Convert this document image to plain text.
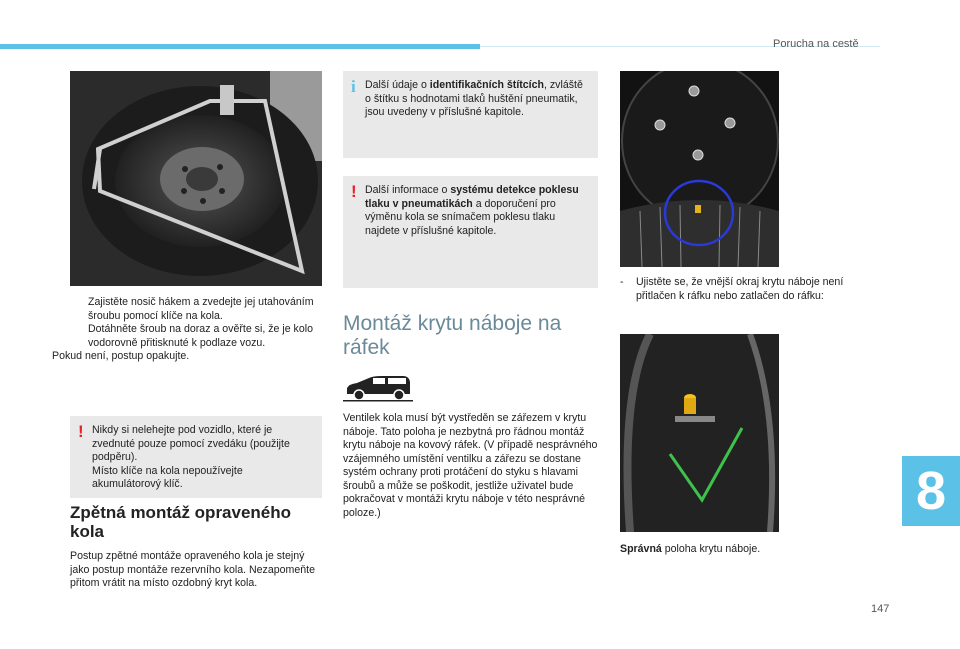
Porucha na cestě
Zajistěte nosič hákem a zvedejte jej utahováním šroubu pomocí klíče na kola.
Dotáhněte šroub na doraz a ověřte si, že je kolo vodorovně přitisknuté k podlaze vozu.
Pokud není, postup opakujte.
! Nikdy si nelehejte pod vozidlo, které je zvednuté pouze pomocí zvedáku (použijte podpěru).
Místo klíče na kola nepoužívejte akumulátorový klíč.
Zpětná montáž opraveného kola
Postup zpětné montáže opraveného kola je stejný jako postup montáže rezervního kola. Nezapomeňte přitom vrátit na místo ozdobný kryt kola.
i Další údaje o identifikačních štítcích, zvláště o štítku s hodnotami tlaků huštění pneumatik, jsou uvedeny v příslušné kapitole.
! Další informace o systému detekce poklesu tlaku v pneumatikách a doporučení pro výměnu kola se snímačem poklesu tlaku najdete v příslušné kapitole.
Montáž krytu náboje na ráfek
Ventilek kola musí být vystředěn se zářezem v krytu náboje. Tato poloha je nezbytná pro řádnou montáž krytu náboje na kovový ráfek. (V případě nesprávného vzájemného umístění ventilku a zářezu se dostane systém ochrany proti protáčení do styku s hlavami šroubů a může se poškodit, jestliže uživatel bude pokračovat v montáži krytu náboje v této nesprávné poloze.)
- Ujistěte se, že vnější okraj krytu náboje není přitlačen k ráfku nebo zatlačen do ráfku:
Správná poloha krytu náboje.
8
147
